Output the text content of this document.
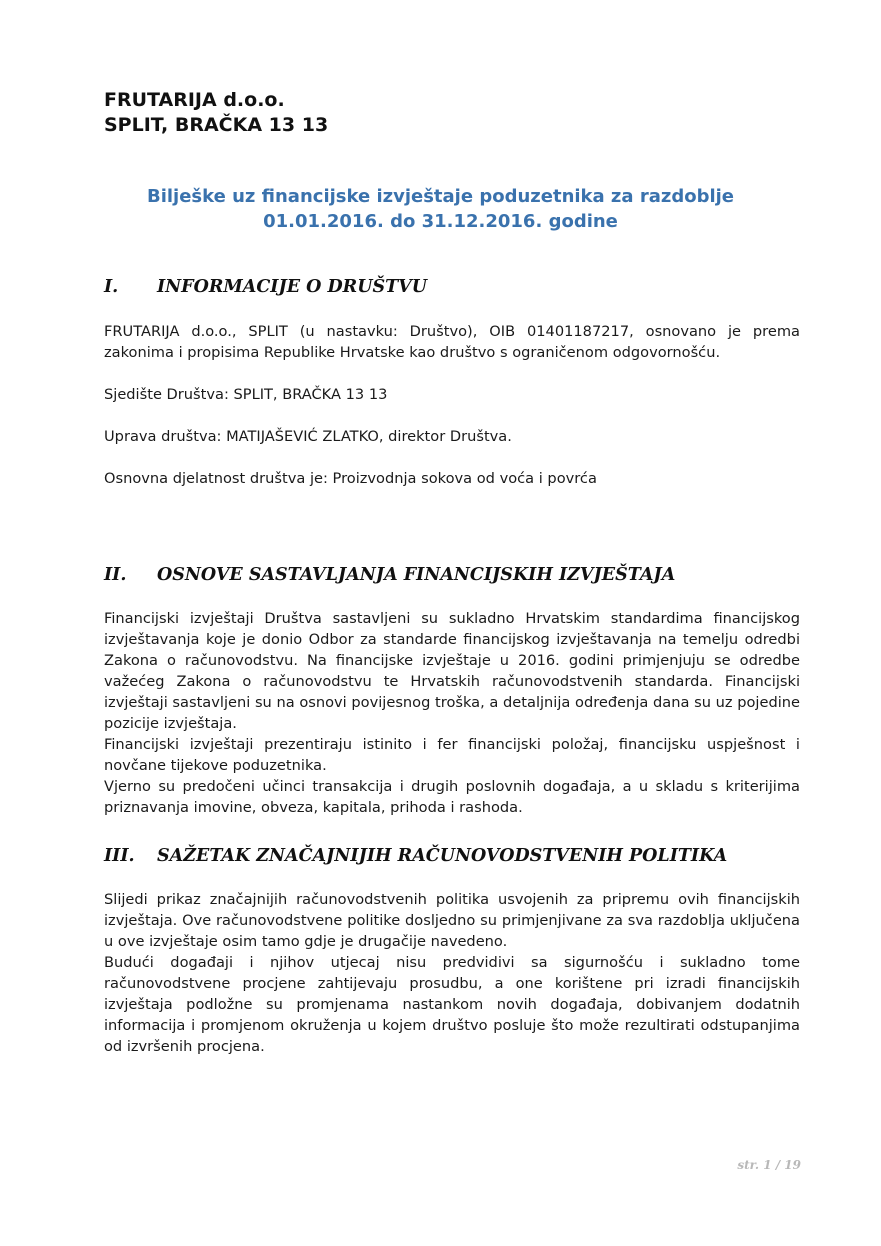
FRUTARIJA d.o.o.
SPLIT, BRAČKA 13 13
Bilješke uz financijske izvještaje poduzetnika za razdoblje
01.01.2016. do 31.12.2016. godine
I. INFORMACIJE O DRUŠTVU

FRUTARIJA d.o.o., SPLIT (u nastavku: Društvo), OIB 01401187217, osnovano je prema zakonima i propisima Republike Hrvatske kao društvo s ograničenom odgovornošću.

Sjedište Društva: SPLIT, BRAČKA 13 13

Uprava društva: MATIJAŠEVIĆ ZLATKO, direktor Društva.

Osnovna djelatnost društva je: Proizvodnja sokova od voća i povrća

II. OSNOVE SASTAVLJANJA FINANCIJSKIH IZVJEŠTAJA

Financijski izvještaji Društva sastavljeni su sukladno Hrvatskim standardima financijskog izvještavanja koje je donio Odbor za standarde financijskog izvještavanja na temelju odredbi Zakona o računovodstvu. Na financijske izvještaje u 2016. godini primjenjuju se odredbe važećeg Zakona o računovodstvu te Hrvatskih računovodstvenih standarda. Financijski izvještaji sastavljeni su na osnovi povijesnog troška, a detaljnija određenja dana su uz pojedine pozicije izvještaja.

Financijski izvještaji prezentiraju istinito i fer financijski položaj, financijsku uspješnost i novčane tijekove poduzetnika.

Vjerno su predočeni učinci transakcija i drugih poslovnih događaja, a u skladu s kriterijima priznavanja imovine, obveza, kapitala, prihoda i rashoda.

III. SAŽETAK ZNAČAJNIJIH RAČUNOVODSTVENIH POLITIKA

Slijedi prikaz značajnijih računovodstvenih politika usvojenih za pripremu ovih financijskih izvještaja. Ove računovodstvene politike dosljedno su primjenjivane za sva razdoblja uključena u ove izvještaje osim tamo gdje je drugačije navedeno.

Budući događaji i njihov utjecaj nisu predvidivi sa sigurnošću i sukladno tome računovodstvene procjene zahtijevaju prosudbu, a one korištene pri izradi financijskih izvještaja podložne su promjenama nastankom novih događaja, dobivanjem dodatnih informacija i promjenom okruženja u kojem društvo posluje što može rezultirati odstupanjima od izvršenih procjena.

str. 1 / 19
